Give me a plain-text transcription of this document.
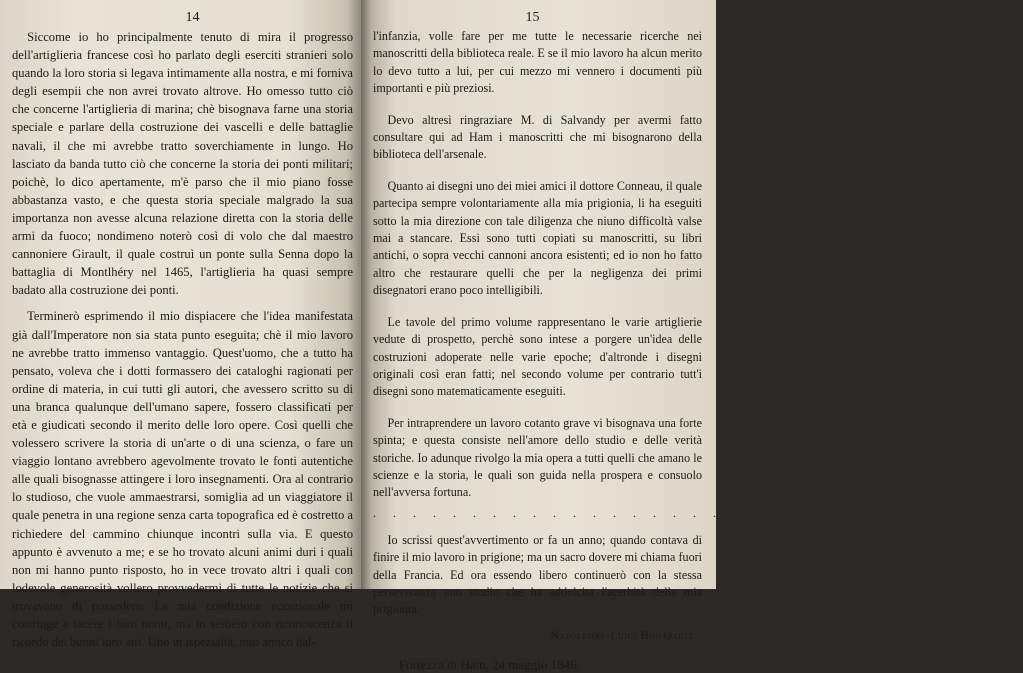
14

Siccome io ho principalmente tenuto di mira il progresso dell'artiglieria francese così ho parlato degli eserciti stranieri solo quando la loro storia si legava intimamente alla nostra, e mi forniva degli esempii che non avrei trovato altrove. Ho omesso tutto ciò che concerne l'artiglieria di marina; chè bisognava farne una storia speciale e parlare della costruzione dei vascelli e delle battaglie navali, il che mi avrebbe tratto soverchiamente in lungo. Ho lasciato da banda tutto ciò che concerne la storia dei ponti militari; poichè, lo dico apertamente, m'è parso che il mio piano fosse abbastanza vasto, e che questa storia speciale malgrado la sua importanza non avesse alcuna relazione diretta con la storia delle armi da fuoco; nondimeno noterò così di volo che dal maestro cannoniere Girault, il quale costruì un ponte sulla Senna dopo la battaglia di Montlhéry nel 1465, l'artiglieria ha quasi sempre badato alla costruzione dei ponti.

Terminerò esprimendo il mio dispiacere che l'idea manifestata già dall'Imperatore non sia stata punto eseguita; chè il mio lavoro ne avrebbe tratto immenso vantaggio. Quest'uomo, che a tutto ha pensato, voleva che i dotti formassero dei cataloghi ragionati per ordine di materia, in cui tutti gli autori, che avessero scritto su di una branca qualunque dell'umano sapere, fossero classificati per età e giudicati secondo il merito delle loro opere. Così quelli che volessero scrivere la storia di un'arte o di una scienza, o fare un viaggio lontano avrebbero agevolmente trovato le fonti autentiche alle quali bisognasse attingere i loro insegnamenti. Ora al contrario lo studioso, che vuole ammaestrarsi, somiglia ad un viaggiatore il quale penetra in una regione senza carta topografica ed è costretto a richiedere del cammino chiunque incontri sulla via. E questo appunto è avvenuto a me; e se ho trovato alcuni animi duri i quali non mi hanno punto risposto, ho in vece trovato altri i quali con lodevole generosità vollero provvedermi di tutte le notizie che si trovavano di possedere. La mia condizione eccezionale mi costringe a tacere i loro nomi, ma io serberò con riconoscenza il ricordo dei buoni loro atti. Uno in ispezialtà, mio amico dal-

15

l'infanzia, volle fare per me tutte le necessarie ricerche nei manoscritti della biblioteca reale. E se il mio lavoro ha alcun merito lo devo tutto a lui, per cui mezzo mi vennero i documenti più importanti e più preziosi.

Devo altresì ringraziare M. di Salvandy per avermi fatto consultare qui ad Ham i manoscritti che mi bisognarono della biblioteca dell'arsenale.

Quanto ai disegni uno dei miei amici il dottore Conneau, il quale partecipa sempre volontariamente alla mia prigionia, li ha eseguiti sotto la mia direzione con tale diligenza che niuno difficoltà valse mai a stancare. Essi sono tutti copiati su manoscritti, su libri antichi, o sopra vecchi cannoni ancora esistenti; ed io non ho fatto altro che restaurare quelli che per la negligenza dei primi disegnatori erano poco intelligibili.

Le tavole del primo volume rappresentano le varie artiglierie vedute di prospetto, perchè sono intese a porgere un'idea delle costruzioni adoperate nelle varie epoche; d'altronde i disegni originali così eran fatti; nel secondo volume per contrario tutt'i disegni sono matematicamente eseguiti.

Per intraprendere un lavoro cotanto grave vi bisognava una forte spinta; e questa consiste nell'amore dello studio e delle verità storiche. Io adunque rivolgo la mia opera a tutti quelli che amano le scienze e la storia, le quali son guida nella prospera e consuolo nell'avversa fortuna.

. . . . . . . . . . . . . . . . . . . . . . . . . . . . . . . . .

Io scrissi quest'avvertimento or fa un anno; quando contava di finire il mio lavoro in prigione; ma un sacro dovere mi chiama fuori della Francia. Ed ora essendo libero continuerò con la stessa perseveranza uno studio che ha addolcita l'acerbità della mia prigionia.

Napoleone-Luigi Bonaparte.
Fortezza di Ham, 24 maggio 1846.
